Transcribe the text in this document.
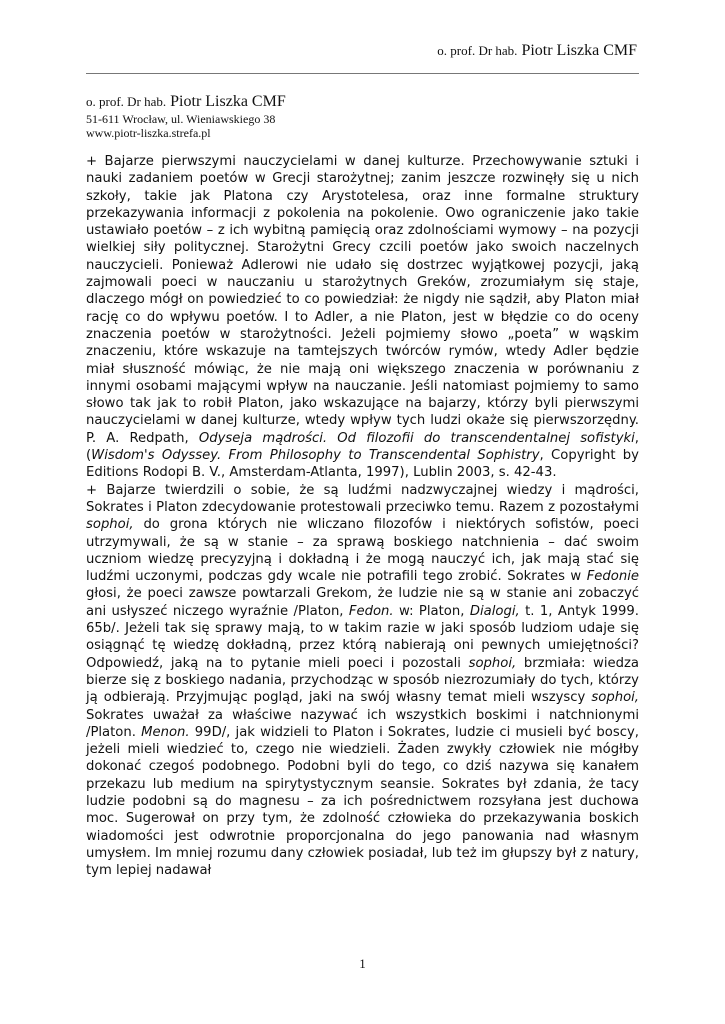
o. prof. Dr hab. Piotr Liszka CMF
o. prof. Dr hab. Piotr Liszka CMF
51-611 Wrocław, ul. Wieniawskiego 38
www.piotr-liszka.strefa.pl

+ Bajarze pierwszymi nauczycielami w danej kulturze. Przechowywanie sztuki i nauki zadaniem poetów w Grecji starożytnej; zanim jeszcze rozwinęły się u nich szkoły, takie jak Platona czy Arystotelesa, oraz inne formalne struktury przekazywania informacji z pokolenia na pokolenie. Owo ograniczenie jako takie ustawiało poetów – z ich wybitną pamięcią oraz zdolnościami wymowy – na pozycji wielkiej siły politycznej. Starożytni Grecy czcili poetów jako swoich naczelnych nauczycieli. Ponieważ Adlerowi nie udało się dostrzec wyjątkowej pozycji, jaką zajmowali poeci w nauczaniu u starożytnych Greków, zrozumiałym się staje, dlaczego mógł on powiedzieć to co powiedział: że nigdy nie sądził, aby Platon miał rację co do wpływu poetów. I to Adler, a nie Platon, jest w błędzie co do oceny znaczenia poetów w starożytności. Jeżeli pojmiemy słowo „poeta” w wąskim znaczeniu, które wskazuje na tamtejszych twórców rymów, wtedy Adler będzie miał słuszność mówiąc, że nie mają oni większego znaczenia w porównaniu z innymi osobami mającymi wpływ na nauczanie. Jeśli natomiast pojmiemy to samo słowo tak jak to robił Platon, jako wskazujące na bajarzy, którzy byli pierwszymi nauczycielami w danej kulturze, wtedy wpływ tych ludzi okaże się pierwszorzędny. P. A. Redpath, Odyseja mądrości. Od filozofii do transcendentalnej sofistyki, (Wisdom's Odyssey. From Philosophy to Transcendental Sophistry, Copyright by Editions Rodopi B. V., Amsterdam-Atlanta, 1997), Lublin 2003, s. 42-43.

+ Bajarze twierdzili o sobie, że są ludźmi nadzwyczajnej wiedzy i mądrości, Sokrates i Platon zdecydowanie protestowali przeciwko temu. Razem z pozostałymi sophoi, do grona których nie wliczano filozofów i niektórych sofistów, poeci utrzymywali, że są w stanie – za sprawą boskiego natchnienia – dać swoim uczniom wiedzę precyzyjną i dokładną i że mogą nauczyć ich, jak mają stać się ludźmi uczonymi, podczas gdy wcale nie potrafili tego zrobić. Sokrates w Fedonie głosi, że poeci zawsze powtarzali Grekom, że ludzie nie są w stanie ani zobaczyć ani usłyszeć niczego wyraźnie /Platon, Fedon. w: Platon, Dialogi, t. 1, Antyk 1999. 65b/. Jeżeli tak się sprawy mają, to w takim razie w jaki sposób ludziom udaje się osiągnąć tę wiedzę dokładną, przez którą nabierają oni pewnych umiejętności? Odpowiedź, jaką na to pytanie mieli poeci i pozostali sophoi, brzmiała: wiedza bierze się z boskiego nadania, przychodząc w sposób niezrozumiały do tych, którzy ją odbierają. Przyjmując pogląd, jaki na swój własny temat mieli wszyscy sophoi, Sokrates uważał za właściwe nazywać ich wszystkich boskimi i natchnionymi /Platon. Menon. 99D/, jak widzieli to Platon i Sokrates, ludzie ci musieli być boscy, jeżeli mieli wiedzieć to, czego nie wiedzieli. Żaden zwykły człowiek nie mógłby dokonać czegoś podobnego. Podobni byli do tego, co dziś nazywa się kanałem przekazu lub medium na spirytystycznym seansie. Sokrates był zdania, że tacy ludzie podobni są do magnesu – za ich pośrednictwem rozsyłana jest duchowa moc. Sugerował on przy tym, że zdolność człowieka do przekazywania boskich wiadomości jest odwrotnie proporcjonalna do jego panowania nad własnym umysłem. Im mniej rozumu dany człowiek posiadał, lub też im głupszy był z natury, tym lepiej nadawał

1
